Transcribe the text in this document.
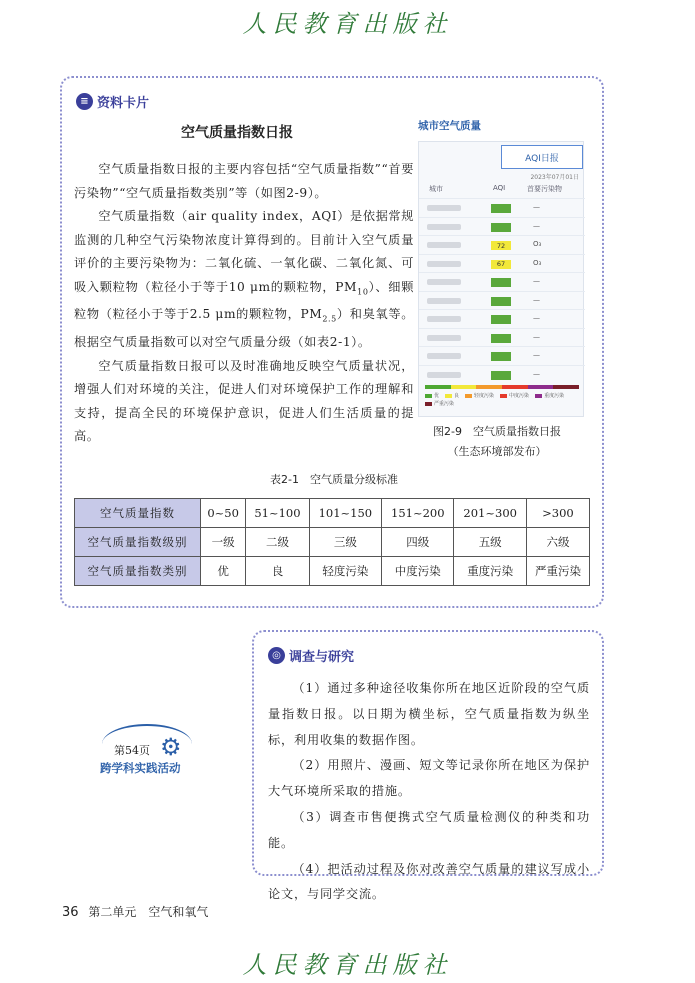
人民教育出版社
≡ 资料卡片
空气质量指数日报

空气质量指数日报的主要内容包括“空气质量指数”“首要污染物”“空气质量指数类别”等（如图2-9）。

空气质量指数（air quality index，AQI）是依据常规监测的几种空气污染物浓度计算得到的。目前计入空气质量评价的主要污染物为：二氧化硫、一氧化碳、二氧化氮、可吸入颗粒物（粒径小于等于10 μm的颗粒物，$PM_{10}$）、细颗粒物（粒径小于等于2.5 μm的颗粒物，$PM_{2.5}$）和臭氧等。根据空气质量指数可以对空气质量分级（如表2-1）。

空气质量指数日报可以及时准确地反映空气质量状况，增强人们对环境的关注，促进人们对环境保护工作的理解和支持，提高全民的环境保护意识，促进人们生活质量的提高。

城市空气质量
AQI日报
2023年07月01日
城市	AQI	首要污染物
—
—
72	O₃
67	O₃
—
—
—
—
—
—
优	良	轻度污染	中度污染	重度污染
严重污染
图2-9　空气质量指数日报
（生态环境部发布）
表2-1　空气质量分级标准
空气质量指数	0~50	51~100	101~150	151~200	201~300	>300
空气质量指数级别	一级	二级	三级	四级	五级	六级
空气质量指数类别	优	良	轻度污染	中度污染	重度污染	严重污染
第54页 ⚙
跨学科实践活动
◎ 调查与研究

（1）通过多种途径收集你所在地区近阶段的空气质量指数日报。以日期为横坐标，空气质量指数为纵坐标，利用收集的数据作图。

（2）用照片、漫画、短文等记录你所在地区为保护大气环境所采取的措施。

（3）调查市售便携式空气质量检测仪的种类和功能。

（4）把活动过程及你对改善空气质量的建议写成小论文，与同学交流。

36 第二单元　空气和氧气
人民教育出版社
